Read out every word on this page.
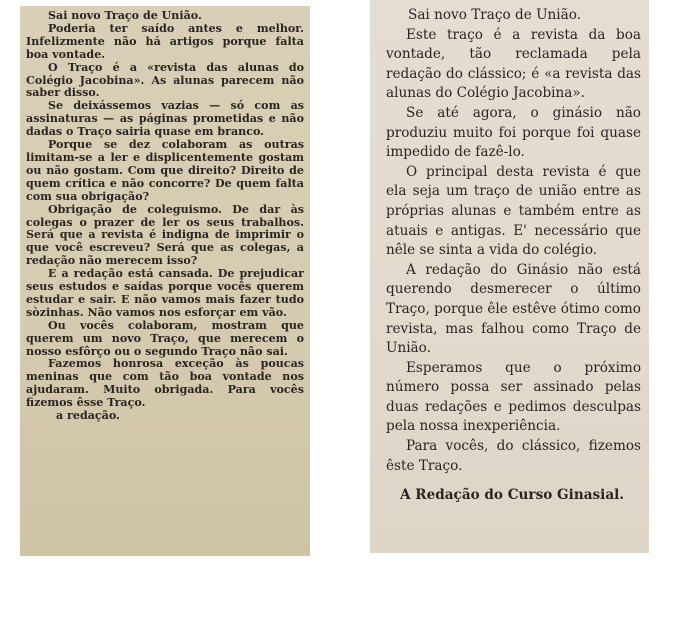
Sai novo Traço de União.

Poderia ter saído antes e melhor. Infelizmente não há artigos porque falta boa vontade.

O Traço é a «revista das alunas do Colégio Jacobina». As alunas parecem não saber disso.

Se deixássemos vazias — só com as assinaturas — as páginas prometidas e não dadas o Traço sairia quase em branco.

Porque se dez colaboram as outras limitam-se a ler e displicentemente gostam ou não gostam. Com que direito? Direito de quem crítica e não concorre? De quem falta com sua obrigação?

Obrigação de coleguismo. De dar às colegas o prazer de ler os seus trabalhos. Será que a revista é indigna de imprimir o que você escreveu? Será que as colegas, a redação não merecem isso?

E a redação está cansada. De prejudicar seus estudos e saídas porque vocês querem estudar e sair. E não vamos mais fazer tudo sòzinhas. Não vamos nos esforçar em vão.

Ou vocês colaboram, mostram que querem um novo Traço, que merecem o nosso esfôrço ou o segundo Traço não sai.

Fazemos honrosa exceção às poucas meninas que com tão boa vontade nos ajudaram. Muito obrigada. Para vocês fizemos êsse Traço.

a redação.

Sai novo Traço de União.

Este traço é a revista da boa vontade, tão reclamada pela redação do clássico; é «a revista das alunas do Colégio Jacobina».

Se até agora, o ginásio não produziu muito foi porque foi quase impedido de fazê-lo.

O principal desta revista é que ela seja um traço de união entre as próprias alunas e também entre as atuais e antigas. E' necessário que nêle se sinta a vida do colégio.

A redação do Ginásio não está querendo desmerecer o último Traço, porque êle estêve ótimo como revista, mas falhou como Traço de União.

Esperamos que o próximo número possa ser assinado pelas duas redações e pedimos desculpas pela nossa inexperiência.

Para vocês, do clássico, fizemos êste Traço.

A Redação do Curso Ginasial.
